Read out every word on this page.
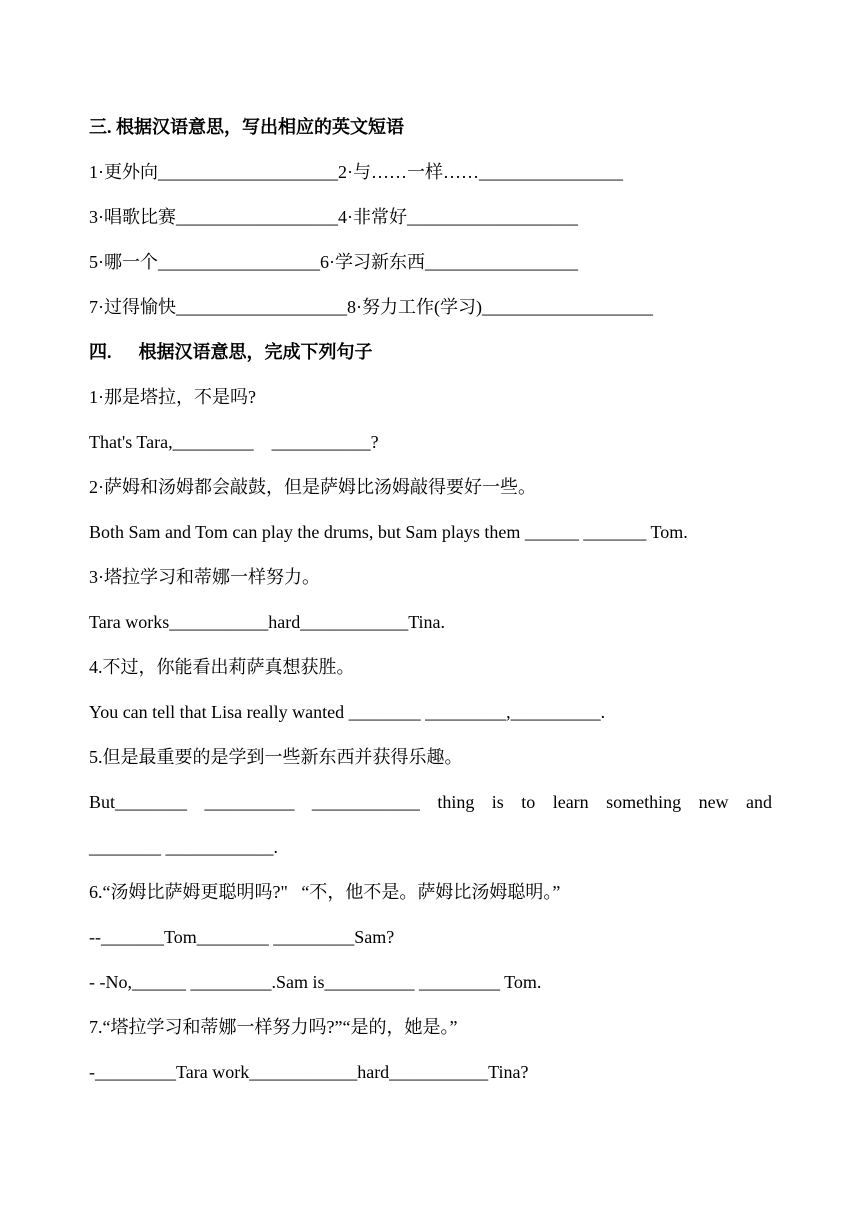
三. 根据汉语意思，写出相应的英文短语
1·更外向____________________2·与……一样……________________
3·唱歌比赛__________________4·非常好___________________
5·哪一个__________________6·学习新东西_________________
7·过得愉快___________________8·努力工作(学习)___________________
四.      根据汉语意思，完成下列句子
1·那是塔拉，不是吗?
That's Tara,_________    ___________?
2·萨姆和汤姆都会敲鼓，但是萨姆比汤姆敲得要好一些。
Both Sam and Tom can play the drums, but Sam plays them ______ _______ Tom.
3·塔拉学习和蒂娜一样努力。
Tara works___________hard____________Tina.
4.不过，你能看出莉萨真想获胜。
You can tell that Lisa really wanted ________ _________,__________.
5.但是最重要的是学到一些新东西并获得乐趣。
But________ __________ ____________ thing is to learn something new and
________ ____________.
6.“汤姆比萨姆更聪明吗?"   “不，他不是。萨姆比汤姆聪明。”
--_______Tom________ _________Sam?
- -No,______ _________.Sam is__________ _________ Tom.
7.“塔拉学习和蒂娜一样努力吗?”“是的，她是。”
-_________Tara work____________hard___________Tina?
